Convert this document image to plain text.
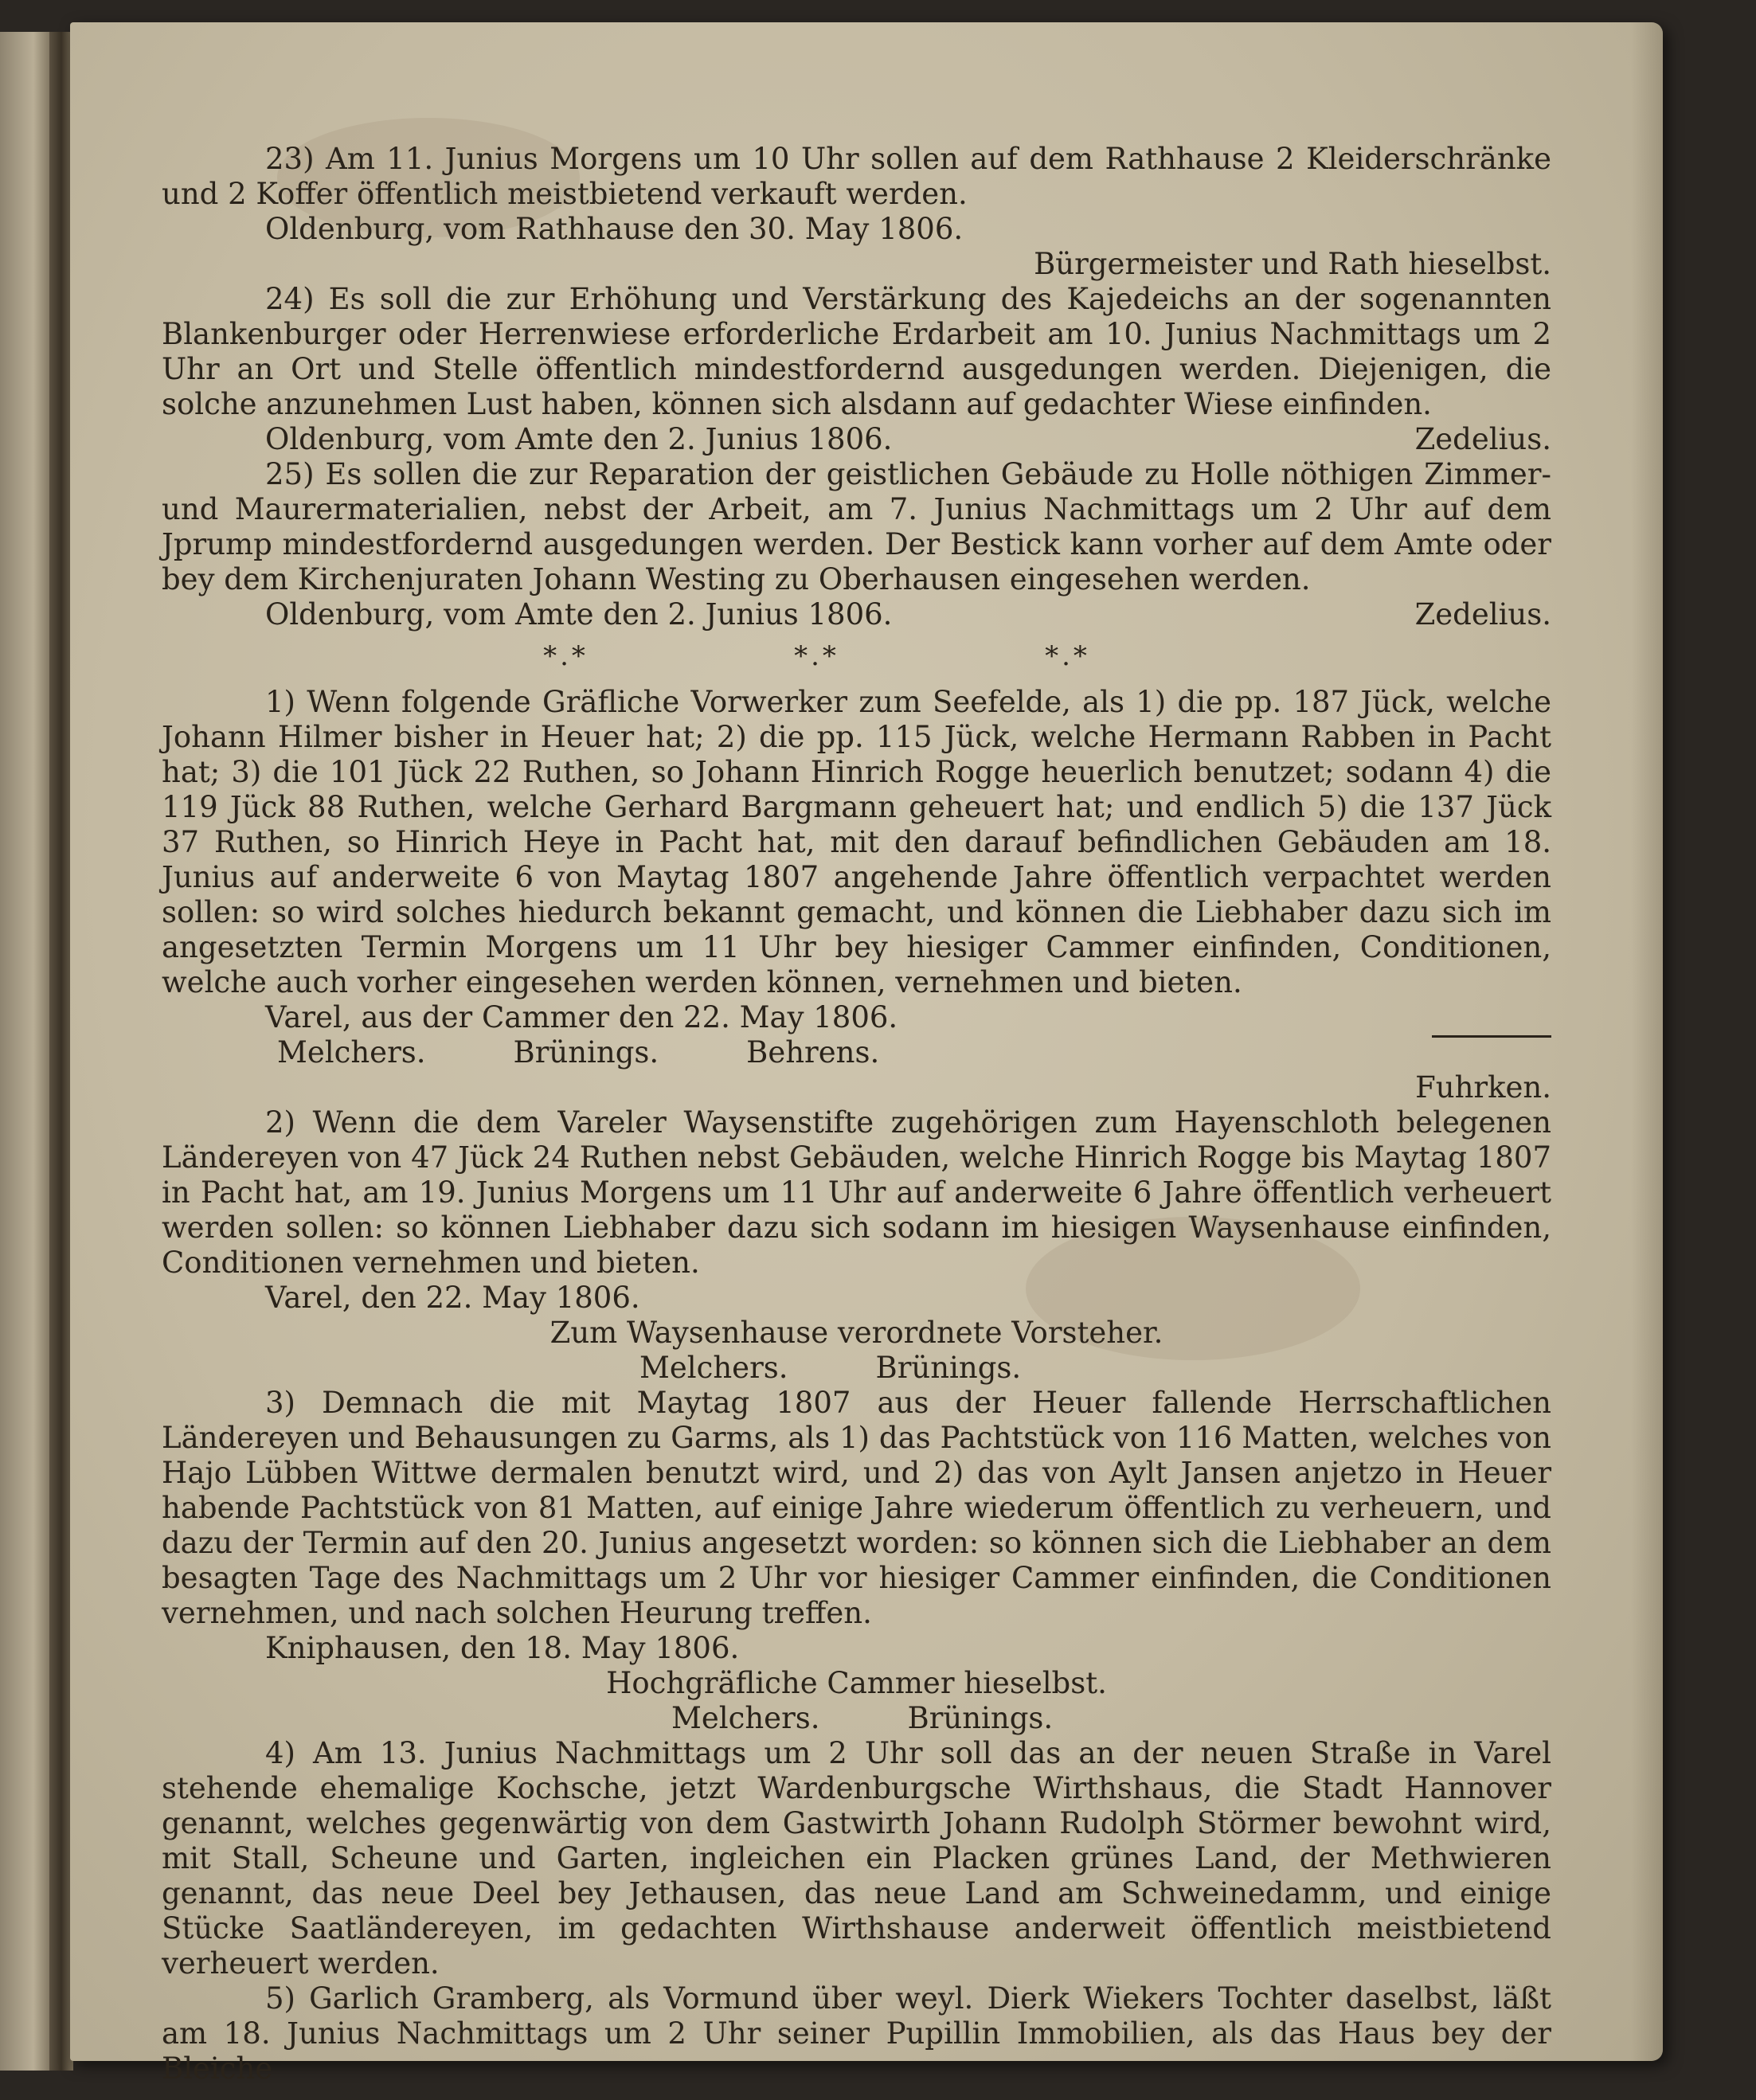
23) Am 11. Junius Morgens um 10 Uhr sollen auf dem Rathhause 2 Kleiderschränke und 2 Koffer öffentlich meistbietend verkauft werden.

Oldenburg, vom Rathhause den 30. May 1806.

Bürgermeister und Rath hieselbst.

24) Es soll die zur Erhöhung und Verstärkung des Kajedeichs an der sogenannten Blankenburger oder Herrenwiese erforderliche Erdarbeit am 10. Junius Nachmittags um 2 Uhr an Ort und Stelle öffentlich mindestfordernd ausgedungen werden. Diejenigen, die solche anzunehmen Lust haben, können sich alsdann auf gedachter Wiese einfinden.

Oldenburg, vom Amte den 2. Junius 1806.	Zedelius.

25) Es sollen die zur Reparation der geistlichen Gebäude zu Holle nöthigen Zimmer- und Maurermaterialien, nebst der Arbeit, am 7. Junius Nachmittags um 2 Uhr auf dem Jprump mindestfordernd ausgedungen werden. Der Bestick kann vorher auf dem Amte oder bey dem Kirchenjuraten Johann Westing zu Oberhausen eingesehen werden.

Oldenburg, vom Amte den 2. Junius 1806.	Zedelius.
*.*	*.*	*.*

1) Wenn folgende Gräfliche Vorwerker zum Seefelde, als 1) die pp. 187 Jück, welche Johann Hilmer bisher in Heuer hat; 2) die pp. 115 Jück, welche Hermann Rabben in Pacht hat; 3) die 101 Jück 22 Ruthen, so Johann Hinrich Rogge heuerlich benutzet; sodann 4) die 119 Jück 88 Ruthen, welche Gerhard Bargmann geheuert hat; und endlich 5) die 137 Jück 37 Ruthen, so Hinrich Heye in Pacht hat, mit den darauf befindlichen Gebäuden am 18. Junius auf anderweite 6 von Maytag 1807 angehende Jahre öffentlich verpachtet werden sollen: so wird solches hiedurch bekannt gemacht, und können die Liebhaber dazu sich im angesetzten Termin Morgens um 11 Uhr bey hiesiger Cammer einfinden, Conditionen, welche auch vorher eingesehen werden können, vernehmen und bieten.

Varel, aus der Cammer den 22. May 1806.

Melchers.	Brünings.	Behrens.

Fuhrken.

2) Wenn die dem Vareler Waysenstifte zugehörigen zum Hayenschloth belegenen Ländereyen von 47 Jück 24 Ruthen nebst Gebäuden, welche Hinrich Rogge bis Maytag 1807 in Pacht hat, am 19. Junius Morgens um 11 Uhr auf anderweite 6 Jahre öffentlich verheuert werden sollen: so können Liebhaber dazu sich sodann im hiesigen Waysenhause einfinden, Conditionen vernehmen und bieten.

Varel, den 22. May 1806.

Zum Waysenhause verordnete Vorsteher.

Melchers.	Brünings.

3) Demnach die mit Maytag 1807 aus der Heuer fallende Herrschaftlichen Ländereyen und Behausungen zu Garms, als 1) das Pachtstück von 116 Matten, welches von Hajo Lübben Wittwe dermalen benutzt wird, und 2) das von Aylt Jansen anjetzo in Heuer habende Pachtstück von 81 Matten, auf einige Jahre wiederum öffentlich zu verheuern, und dazu der Termin auf den 20. Junius angesetzt worden: so können sich die Liebhaber an dem besagten Tage des Nachmittags um 2 Uhr vor hiesiger Cammer einfinden, die Conditionen vernehmen, und nach solchen Heurung treffen.

Kniphausen, den 18. May 1806.

Hochgräfliche Cammer hieselbst.

Melchers.	Brünings.

4) Am 13. Junius Nachmittags um 2 Uhr soll das an der neuen Straße in Varel stehende ehemalige Kochsche, jetzt Wardenburgsche Wirthshaus, die Stadt Hannover genannt, welches gegenwärtig von dem Gastwirth Johann Rudolph Störmer bewohnt wird, mit Stall, Scheune und Garten, ingleichen ein Placken grünes Land, der Methwieren genannt, das neue Deel bey Jethausen, das neue Land am Schweinedamm, und einige Stücke Saatländereyen, im gedachten Wirthshause anderweit öffentlich meistbietend verheuert werden.

5) Garlich Gramberg, als Vormund über weyl. Dierk Wiekers Tochter daselbst, läßt am 18. Junius Nachmittags um 2 Uhr seiner Pupillin Immobilien, als das Haus bey der Bleiche
